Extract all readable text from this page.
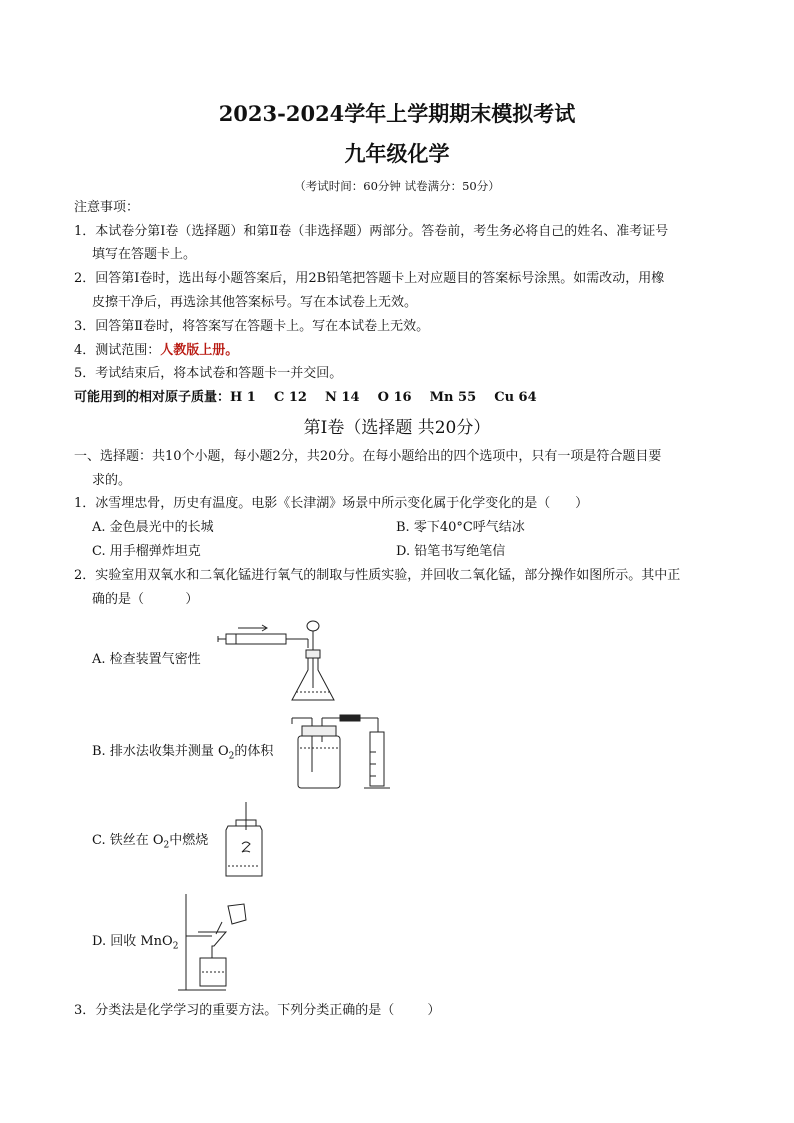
2023-2024学年上学期期末模拟考试
九年级化学
（考试时间：60分钟 试卷满分：50分）
注意事项：
1．本试卷分第Ⅰ卷（选择题）和第Ⅱ卷（非选择题）两部分。答卷前，考生务必将自己的姓名、准考证号
填写在答题卡上。
2．回答第Ⅰ卷时，选出每小题答案后，用2B铅笔把答题卡上对应题目的答案标号涂黑。如需改动，用橡
皮擦干净后，再选涂其他答案标号。写在本试卷上无效。
3．回答第Ⅱ卷时，将答案写在答题卡上。写在本试卷上无效。
4．测试范围：人教版上册。
5．考试结束后，将本试卷和答题卡一并交回。
可能用到的相对原子质量：H 1    C 12    N 14    O 16    Mn 55    Cu 64
第Ⅰ卷（选择题 共20分）
一、选择题：共10个小题，每小题2分，共20分。在每小题给出的四个选项中，只有一项是符合题目要
求的。
1．冰雪埋忠骨，历史有温度。电影《长津湖》场景中所示变化属于化学变化的是（      ）
A. 金色晨光中的长城	B. 零下40°C呼气结冰
C. 用手榴弹炸坦克	D. 铅笔书写绝笔信
2．实验室用双氧水和二氧化锰进行氧气的制取与性质实验，并回收二氧化锰，部分操作如图所示。其中正
确的是（          ）
A. 检查装置气密性
B. 排水法收集并测量 $O_2$的体积
C. 铁丝在 $O_2$中燃烧
D. 回收 MnO$_2$
3．分类法是化学学习的重要方法。下列分类正确的是（        ）
